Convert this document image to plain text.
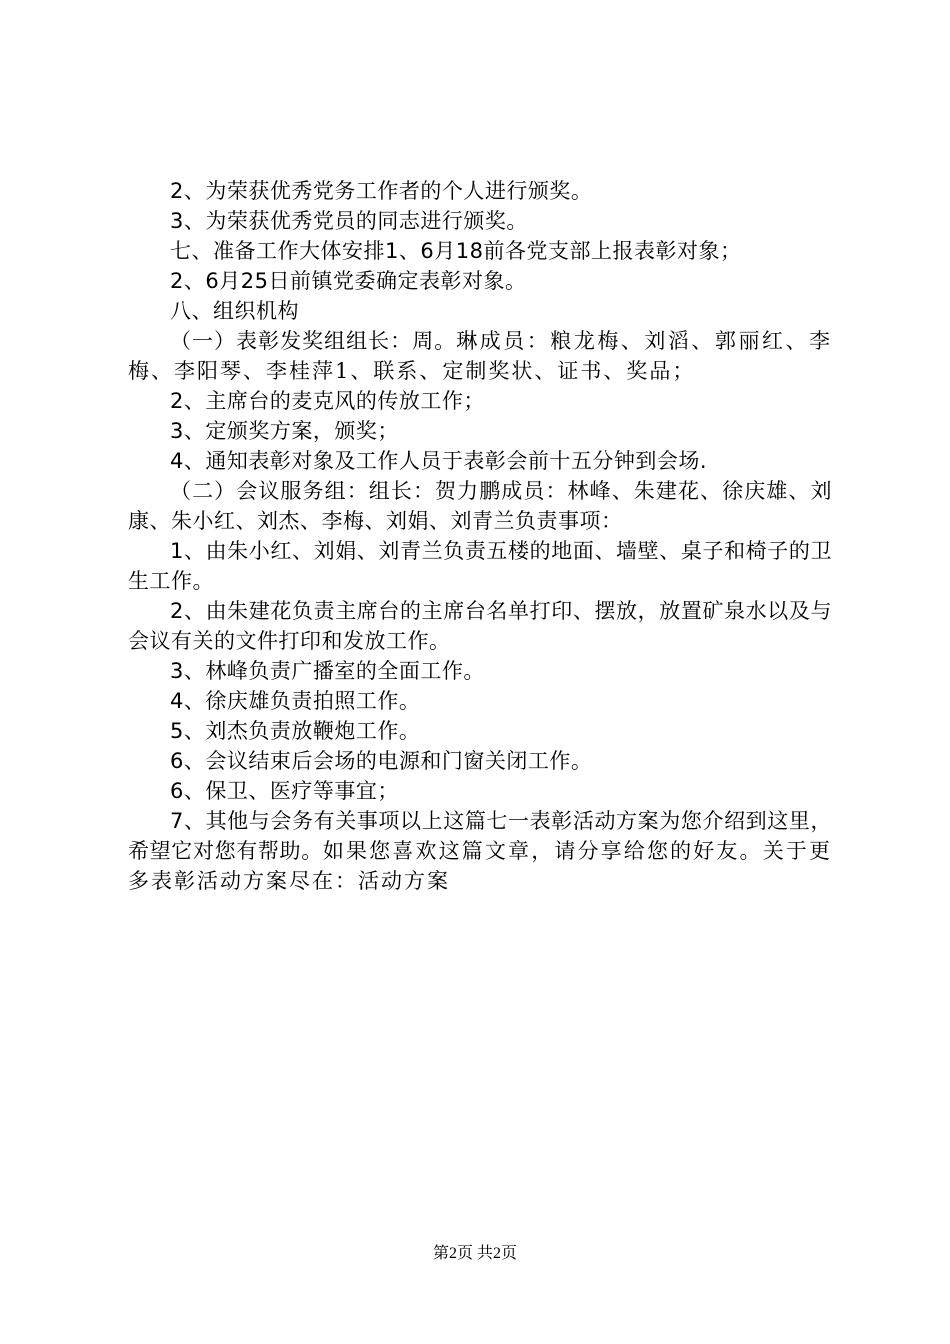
2、为荣获优秀党务工作者的个人进行颁奖。

3、为荣获优秀党员的同志进行颁奖。

七、准备工作大体安排1、6月18前各党支部上报表彰对象；

2、6月25日前镇党委确定表彰对象。

八、组织机构

（一）表彰发奖组组长：周。琳成员：粮龙梅、刘滔、郭丽红、李梅、李阳琴、李桂萍1、联系、定制奖状、证书、奖品；

2、主席台的麦克风的传放工作；

3、定颁奖方案，颁奖；

4、通知表彰对象及工作人员于表彰会前十五分钟到会场.

（二）会议服务组：组长：贺力鹏成员：林峰、朱建花、徐庆雄、刘康、朱小红、刘杰、李梅、刘娟、刘青兰负责事项：

1、由朱小红、刘娟、刘青兰负责五楼的地面、墙壁、桌子和椅子的卫生工作。

2、由朱建花负责主席台的主席台名单打印、摆放，放置矿泉水以及与会议有关的文件打印和发放工作。

3、林峰负责广播室的全面工作。

4、徐庆雄负责拍照工作。

5、刘杰负责放鞭炮工作。

6、会议结束后会场的电源和门窗关闭工作。

6、保卫、医疗等事宜；

7、其他与会务有关事项以上这篇七一表彰活动方案为您介绍到这里，希望它对您有帮助。如果您喜欢这篇文章，请分享给您的好友。关于更多表彰活动方案尽在：活动方案

第2页 共2页
